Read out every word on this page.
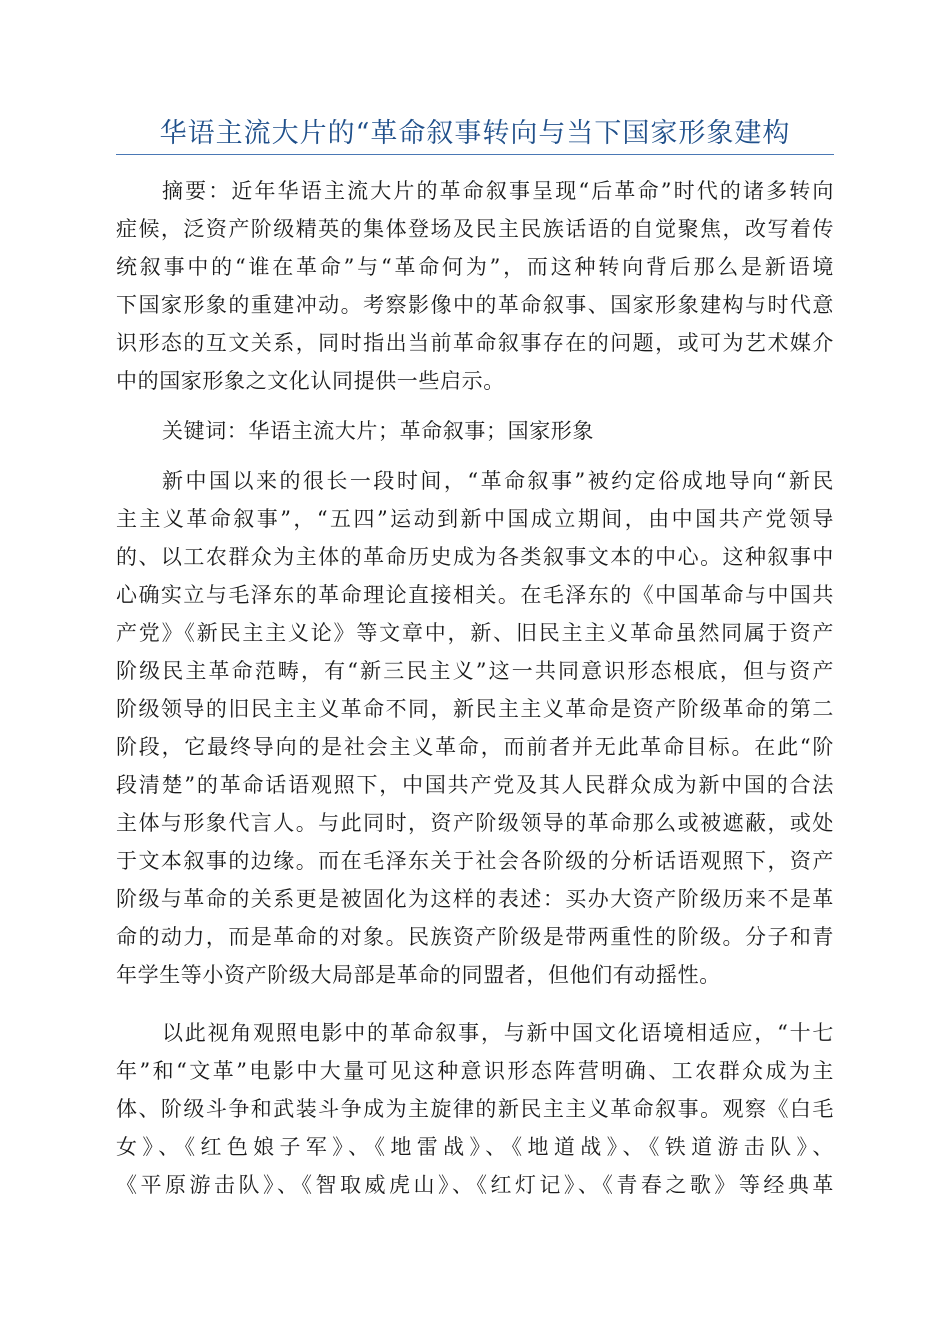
华语主流大片的“革命叙事转向与当下国家形象建构

摘要：近年华语主流大片的革命叙事呈现“后革命”时代的诸多转向
症候，泛资产阶级精英的集体登场及民主民族话语的自觉聚焦，改写着传
统叙事中的“谁在革命”与“革命何为”，而这种转向背后那么是新语境
下国家形象的重建冲动。考察影像中的革命叙事、国家形象建构与时代意
识形态的互文关系，同时指出当前革命叙事存在的问题，或可为艺术媒介
中的国家形象之文化认同提供一些启示。

关键词：华语主流大片；革命叙事；国家形象

新中国以来的很长一段时间，“革命叙事”被约定俗成地导向“新民
主主义革命叙事”，“五四”运动到新中国成立期间，由中国共产党领导
的、以工农群众为主体的革命历史成为各类叙事文本的中心。这种叙事中
心确实立与毛泽东的革命理论直接相关。在毛泽东的《中国革命与中国共
产党》《新民主主义论》等文章中，新、旧民主主义革命虽然同属于资产
阶级民主革命范畴，有“新三民主义”这一共同意识形态根底，但与资产
阶级领导的旧民主主义革命不同，新民主主义革命是资产阶级革命的第二
阶段，它最终导向的是社会主义革命，而前者并无此革命目标。在此“阶
段清楚”的革命话语观照下，中国共产党及其人民群众成为新中国的合法
主体与形象代言人。与此同时，资产阶级领导的革命那么或被遮蔽，或处
于文本叙事的边缘。而在毛泽东关于社会各阶级的分析话语观照下，资产
阶级与革命的关系更是被固化为这样的表述：买办大资产阶级历来不是革
命的动力，而是革命的对象。民族资产阶级是带两重性的阶级。分子和青
年学生等小资产阶级大局部是革命的同盟者，但他们有动摇性。

以此视角观照电影中的革命叙事，与新中国文化语境相适应，“十七
年”和“文革”电影中大量可见这种意识形态阵营明确、工农群众成为主
体、阶级斗争和武装斗争成为主旋律的新民主主义革命叙事。观察《白毛
女》、《红色娘子军》、《地雷战》、《地道战》、《铁道游击队》、
《平原游击队》、《智取威虎山》、《红灯记》、《青春之歌》等经典革
